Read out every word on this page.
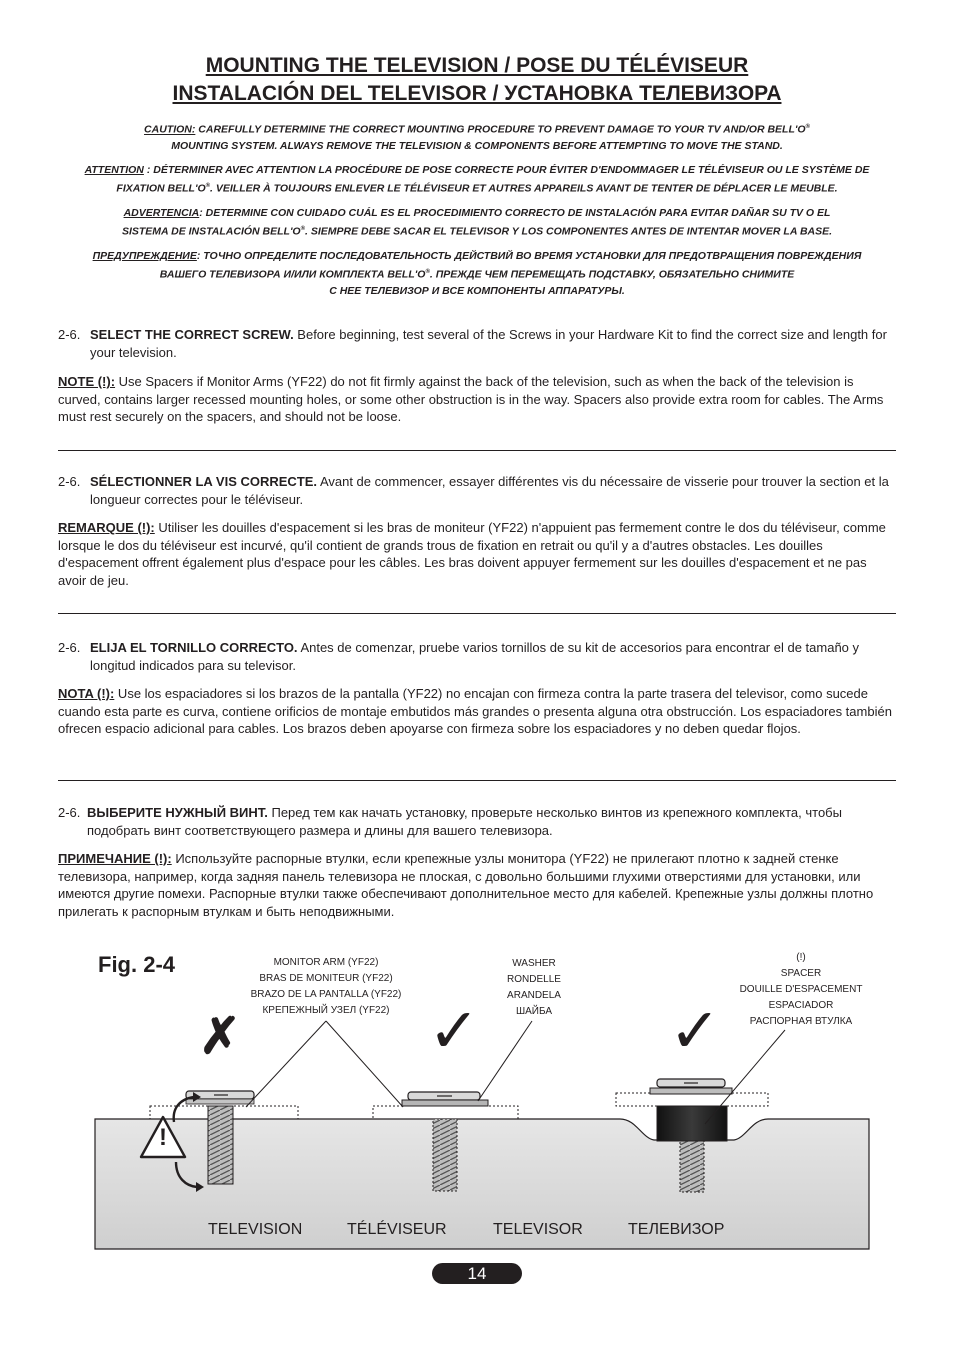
MOUNTING THE TELEVISION / POSE DU TÉLÉVISEUR
INSTALACIÓN DEL TELEVISOR / УСТАНОВКА ТЕЛЕВИЗОРА
CAUTION: CAREFULLY DETERMINE THE CORRECT MOUNTING PROCEDURE TO PREVENT DAMAGE TO YOUR TV AND/OR BELL'O®
MOUNTING SYSTEM. ALWAYS REMOVE THE TELEVISION & COMPONENTS BEFORE ATTEMPTING TO MOVE THE STAND.
ATTENTION : DÉTERMINER AVEC ATTENTION LA PROCÉDURE DE POSE CORRECTE POUR ÉVITER D'ENDOMMAGER LE TÉLÉVISEUR OU LE SYSTÈME DE
FIXATION BELL'O®. VEILLER À TOUJOURS ENLEVER LE TÉLÉVISEUR ET AUTRES APPAREILS AVANT DE TENTER DE DÉPLACER LE MEUBLE.
ADVERTENCIA: DETERMINE CON CUIDADO CUÁL ES EL PROCEDIMIENTO CORRECTO DE INSTALACIÓN PARA EVITAR DAÑAR SU TV O EL
SISTEMA DE INSTALACIÓN BELL'O®. SIEMPRE DEBE SACAR EL TELEVISOR Y LOS COMPONENTES ANTES DE INTENTAR MOVER LA BASE.
ПРЕДУПРЕЖДЕНИЕ: ТОЧНО ОПРЕДЕЛИТЕ ПОСЛЕДОВАТЕЛЬНОСТЬ ДЕЙСТВИЙ ВО ВРЕМЯ УСТАНОВКИ ДЛЯ ПРЕДОТВРАЩЕНИЯ ПОВРЕЖДЕНИЯ
ВАШЕГО ТЕЛЕВИЗОРА И/ИЛИ КОМПЛЕКТА BELL'O®. ПРЕЖДЕ ЧЕМ ПЕРЕМЕЩАТЬ ПОДСТАВКУ, ОБЯЗАТЕЛЬНО СНИМИТЕ
С НЕЕ ТЕЛЕВИЗОР И ВСЕ КОМПОНЕНТЫ АППАРАТУРЫ.
2-6. SELECT THE CORRECT SCREW. Before beginning, test several of the Screws in your Hardware Kit to find the correct size and length for your television.
NOTE (!): Use Spacers if Monitor Arms (YF22) do not fit firmly against the back of the television, such as when the back of the television is curved, contains larger recessed mounting holes, or some other obstruction is in the way. Spacers also provide extra room for cables. The Arms must rest securely on the spacers, and should not be loose.
2-6. SÉLECTIONNER LA VIS CORRECTE. Avant de commencer, essayer différentes vis du nécessaire de visserie pour trouver la section et la longueur correctes pour le téléviseur.
REMARQUE (!): Utiliser les douilles d'espacement si les bras de moniteur (YF22) n'appuient pas fermement contre le dos du téléviseur, comme lorsque le dos du téléviseur est incurvé, qu'il contient de grands trous de fixation en retrait ou qu'il y a d'autres obstacles. Les douilles d'espacement offrent également plus d'espace pour les câbles. Les bras doivent appuyer fermement sur les douilles d'espacement et ne pas avoir de jeu.
2-6. ELIJA EL TORNILLO CORRECTO. Antes de comenzar, pruebe varios tornillos de su kit de accesorios para encontrar el de tamaño y longitud indicados para su televisor.
NOTA (!): Use los espaciadores si los brazos de la pantalla (YF22) no encajan con firmeza contra la parte trasera del televisor, como sucede cuando esta parte es curva, contiene orificios de montaje embutidos más grandes o presenta alguna otra obstrucción. Los espaciadores también ofrecen espacio adicional para cables. Los brazos deben apoyarse con firmeza sobre los espaciadores y no deben quedar flojos.
2-6. ВЫБЕРИТЕ НУЖНЫЙ ВИНТ. Перед тем как начать установку, проверьте несколько винтов из крепежного комплекта, чтобы подобрать винт соответствующего размера и длины для вашего телевизора.
ПРИМЕЧАНИЕ (!): Используйте распорные втулки, если крепежные узлы монитора (YF22) не прилегают плотно к задней стенке телевизора, например, когда задняя панель телевизора не плоская, с довольно большими глухими отверстиями для установки, или имеются другие помехи. Распорные втулки также обеспечивают дополнительное место для кабелей. Крепежные узлы должны плотно прилегать к распорным втулкам и быть неподвижными.
Fig. 2-4
!
✗	✓	✓
MONITOR ARM (YF22)
BRAS DE MONITEUR (YF22)
BRAZO DE LA PANTALLA (YF22)
КРЕПЕЖНЫЙ УЗЕЛ (YF22)
WASHER
RONDELLE
ARANDELA
ШАЙБА
(!)
SPACER
DOUILLE D'ESPACEMENT
ESPACIADOR
РАСПОРНАЯ ВТУЛКА
TELEVISION	TÉLÉVISEUR	TELEVISOR	ТЕЛЕВИЗОР
14
